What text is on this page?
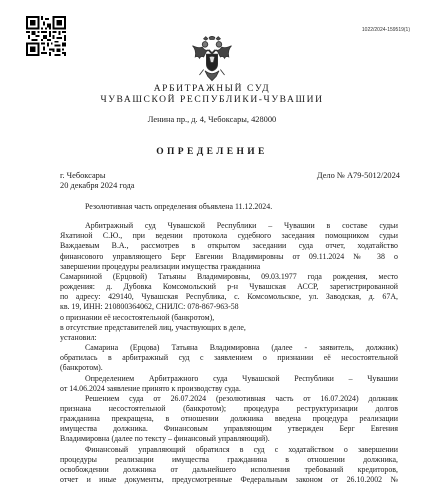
1022/2024-159519(1)
АРБИТРАЖНЫЙ СУД
ЧУВАШСКОЙ РЕСПУБЛИКИ-ЧУВАШИИ
Ленина пр., д. 4, Чебоксары, 428000
ОПРЕДЕЛЕНИЕ
г. Чебоксары
20 декабря 2024 года
Дело № А79-5012/2024
Резолютивная часть определения объявлена 11.12.2024.
Арбитражный суд Чувашской Республики – Чувашии в составе судьи
Яхатиной С.Ю., при ведении протокола судебного заседания помощником судьи
Важдаевым В.А., рассмотрев в открытом заседании суда отчет, ходатайство
финансового управляющего Берг Евгении Владимировны от 09.11.2024 № 38 о
завершении процедуры реализации имущества гражданина
Самарниной (Ерцовой) Татьяны Владимировны, 09.03.1977 года рождения, место
рождения: д. Дубовка Комсомольский р-н Чувашская АССР, зарегистрированной
по адресу: 429140, Чувашская Республика, с. Комсомольское, ул. Заводская, д. 67А,
кв. 19, ИНН: 210800364062, СНИЛС: 078-867-963-58
о признании её несостоятельной (банкротом),
в отсутствие представителей лиц, участвующих в деле,
установил:
Самарина (Ерцова) Татьяна Владимировна (далее - заявитель, должник)
обратилась в арбитражный суд с заявлением о признании её несостоятельной
(банкротом).
Определением Арбитражного суда Чувашской Республики – Чувашии
от 14.06.2024 заявление принято к производству суда.
Решением суда от 26.07.2024 (резолютивная часть от 16.07.2024) должник
признана несостоятельной (банкротом); процедура реструктуризации долгов
гражданина прекращена, в отношении должника введена процедура реализации
имущества должника. Финансовым управляющим утвержден Берг Евгения
Владимировна (далее по тексту – финансовый управляющий).
Финансовый управляющий обратился в суд с ходатайством о завершении
процедуры реализации имущества гражданина в отношении должника,
освобождении должника от дальнейшего исполнения требований кредиторов,
отчет и иные документы, предусмотренные Федеральным законом от 26.10.2002 №
